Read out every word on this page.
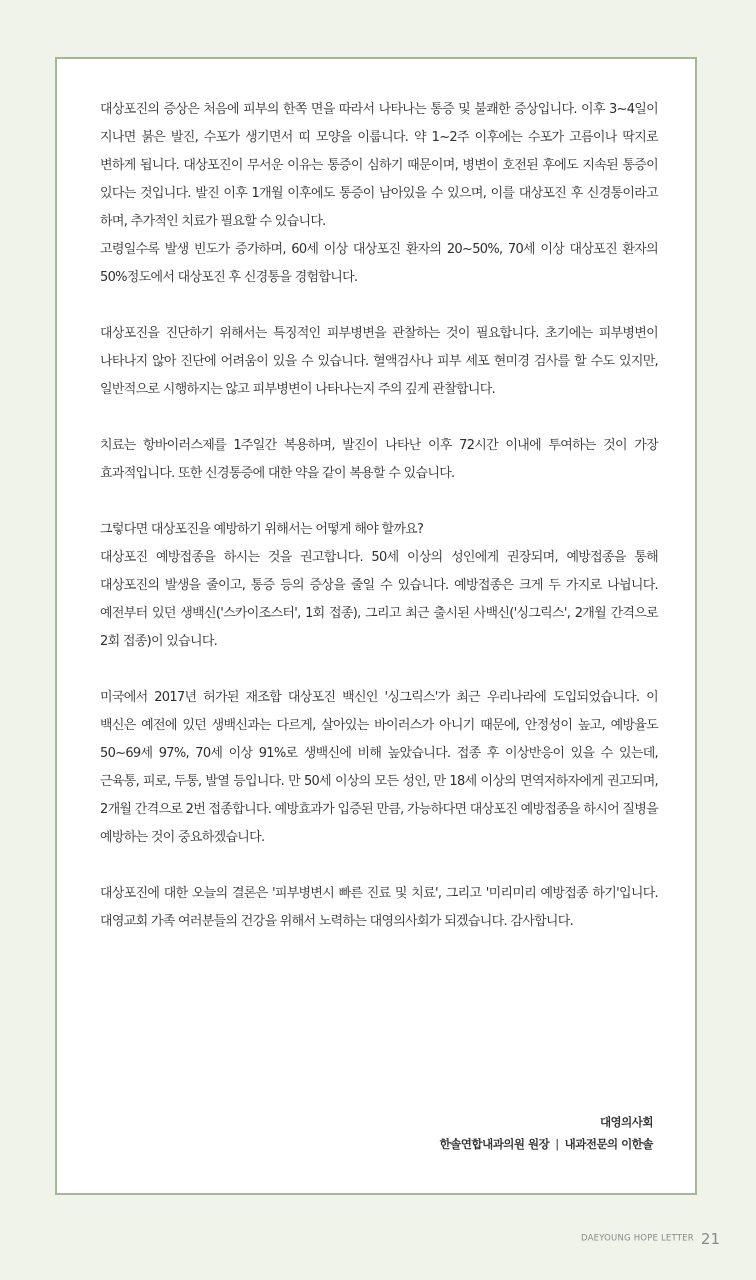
대상포진의 증상은 처음에 피부의 한쪽 면을 따라서 나타나는 통증 및 불쾌한 증상입니다. 이후 3~4일이 지나면 붉은 발진, 수포가 생기면서 띠 모양을 이룹니다. 약 1~2주 이후에는 수포가 고름이나 딱지로 변하게 됩니다. 대상포진이 무서운 이유는 통증이 심하기 때문이며, 병변이 호전된 후에도 지속된 통증이 있다는 것입니다. 발진 이후 1개월 이후에도 통증이 남아있을 수 있으며, 이를 대상포진 후 신경통이라고 하며, 추가적인 치료가 필요할 수 있습니다.

고령일수록 발생 빈도가 증가하며, 60세 이상 대상포진 환자의 20~50%, 70세 이상 대상포진 환자의 50%정도에서 대상포진 후 신경통을 경험합니다.

대상포진을 진단하기 위해서는 특징적인 피부병변을 관찰하는 것이 필요합니다. 초기에는 피부병변이 나타나지 않아 진단에 어려움이 있을 수 있습니다. 혈액검사나 피부 세포 현미경 검사를 할 수도 있지만, 일반적으로 시행하지는 않고 피부병변이 나타나는지 주의 깊게 관찰합니다.

치료는 항바이러스제를 1주일간 복용하며, 발진이 나타난 이후 72시간 이내에 투여하는 것이 가장 효과적입니다. 또한 신경통증에 대한 약을 같이 복용할 수 있습니다.

그렇다면 대상포진을 예방하기 위해서는 어떻게 해야 할까요?

대상포진 예방접종을 하시는 것을 권고합니다. 50세 이상의 성인에게 권장되며, 예방접종을 통해 대상포진의 발생을 줄이고, 통증 등의 증상을 줄일 수 있습니다. 예방접종은 크게 두 가지로 나뉩니다. 예전부터 있던 생백신('스카이조스터', 1회 접종), 그리고 최근 출시된 사백신('싱그릭스', 2개월 간격으로 2회 접종)이 있습니다.

미국에서 2017년 허가된 재조합 대상포진 백신인 '싱그릭스'가 최근 우리나라에 도입되었습니다. 이 백신은 예전에 있던 생백신과는 다르게, 살아있는 바이러스가 아니기 때문에, 안정성이 높고, 예방율도 50~69세 97%, 70세 이상 91%로 생백신에 비해 높았습니다. 접종 후 이상반응이 있을 수 있는데, 근육통, 피로, 두통, 발열 등입니다. 만 50세 이상의 모든 성인, 만 18세 이상의 면역저하자에게 권고되며, 2개월 간격으로 2번 접종합니다. 예방효과가 입증된 만큼, 가능하다면 대상포진 예방접종을 하시어 질병을 예방하는 것이 중요하겠습니다.

대상포진에 대한 오늘의 결론은 '피부병변시 빠른 진료 및 치료', 그리고 '미리미리 예방접종 하기'입니다. 대영교회 가족 여러분들의 건강을 위해서 노력하는 대영의사회가 되겠습니다. 감사합니다.

대영의사회
한솔연합내과의원 원장 | 내과전문의 이한솔
DAEYOUNG HOPE LETTER 21
